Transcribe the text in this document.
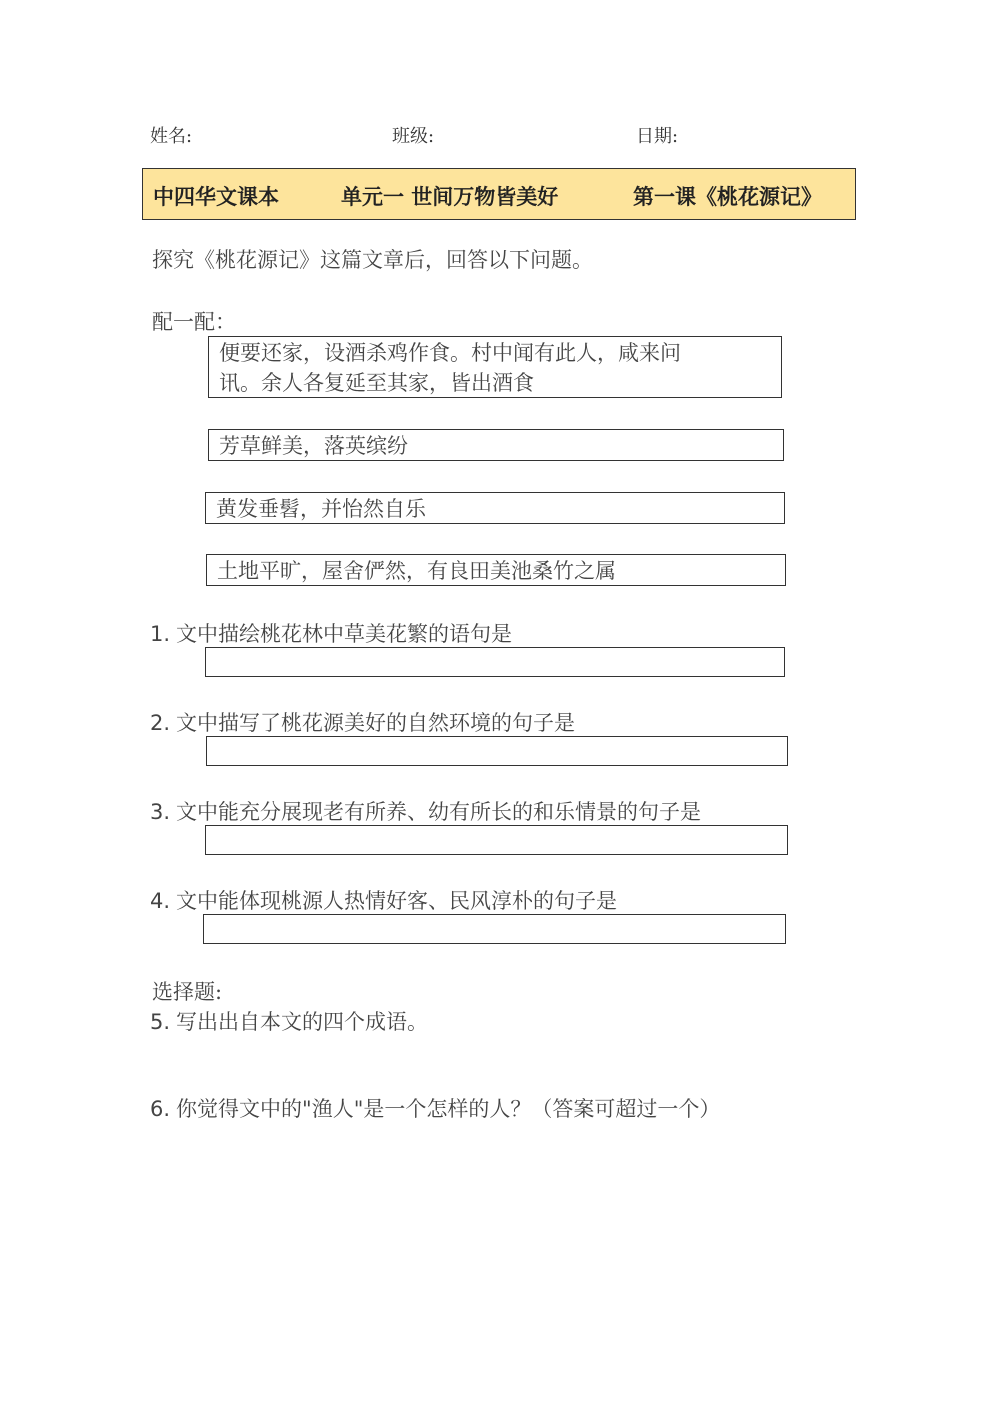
姓名:	班级:	日期:
中四华文课本	单元一 世间万物皆美好	第一课《桃花源记》
探究《桃花源记》这篇文章后，回答以下问题。
配一配：
便要还家，设酒杀鸡作食。村中闻有此人，咸来问
讯。余人各复延至其家，皆出酒食
芳草鲜美，落英缤纷
黄发垂髫，并怡然自乐
土地平旷，屋舍俨然，有良田美池桑竹之属
1. 文中描绘桃花林中草美花繁的语句是
2. 文中描写了桃花源美好的自然环境的句子是
3. 文中能充分展现老有所养、幼有所长的和乐情景的句子是
4. 文中能体现桃源人热情好客、民风淳朴的句子是
选择题:
5. 写出出自本文的四个成语。
6. 你觉得文中的"渔人"是一个怎样的人？（答案可超过一个）
